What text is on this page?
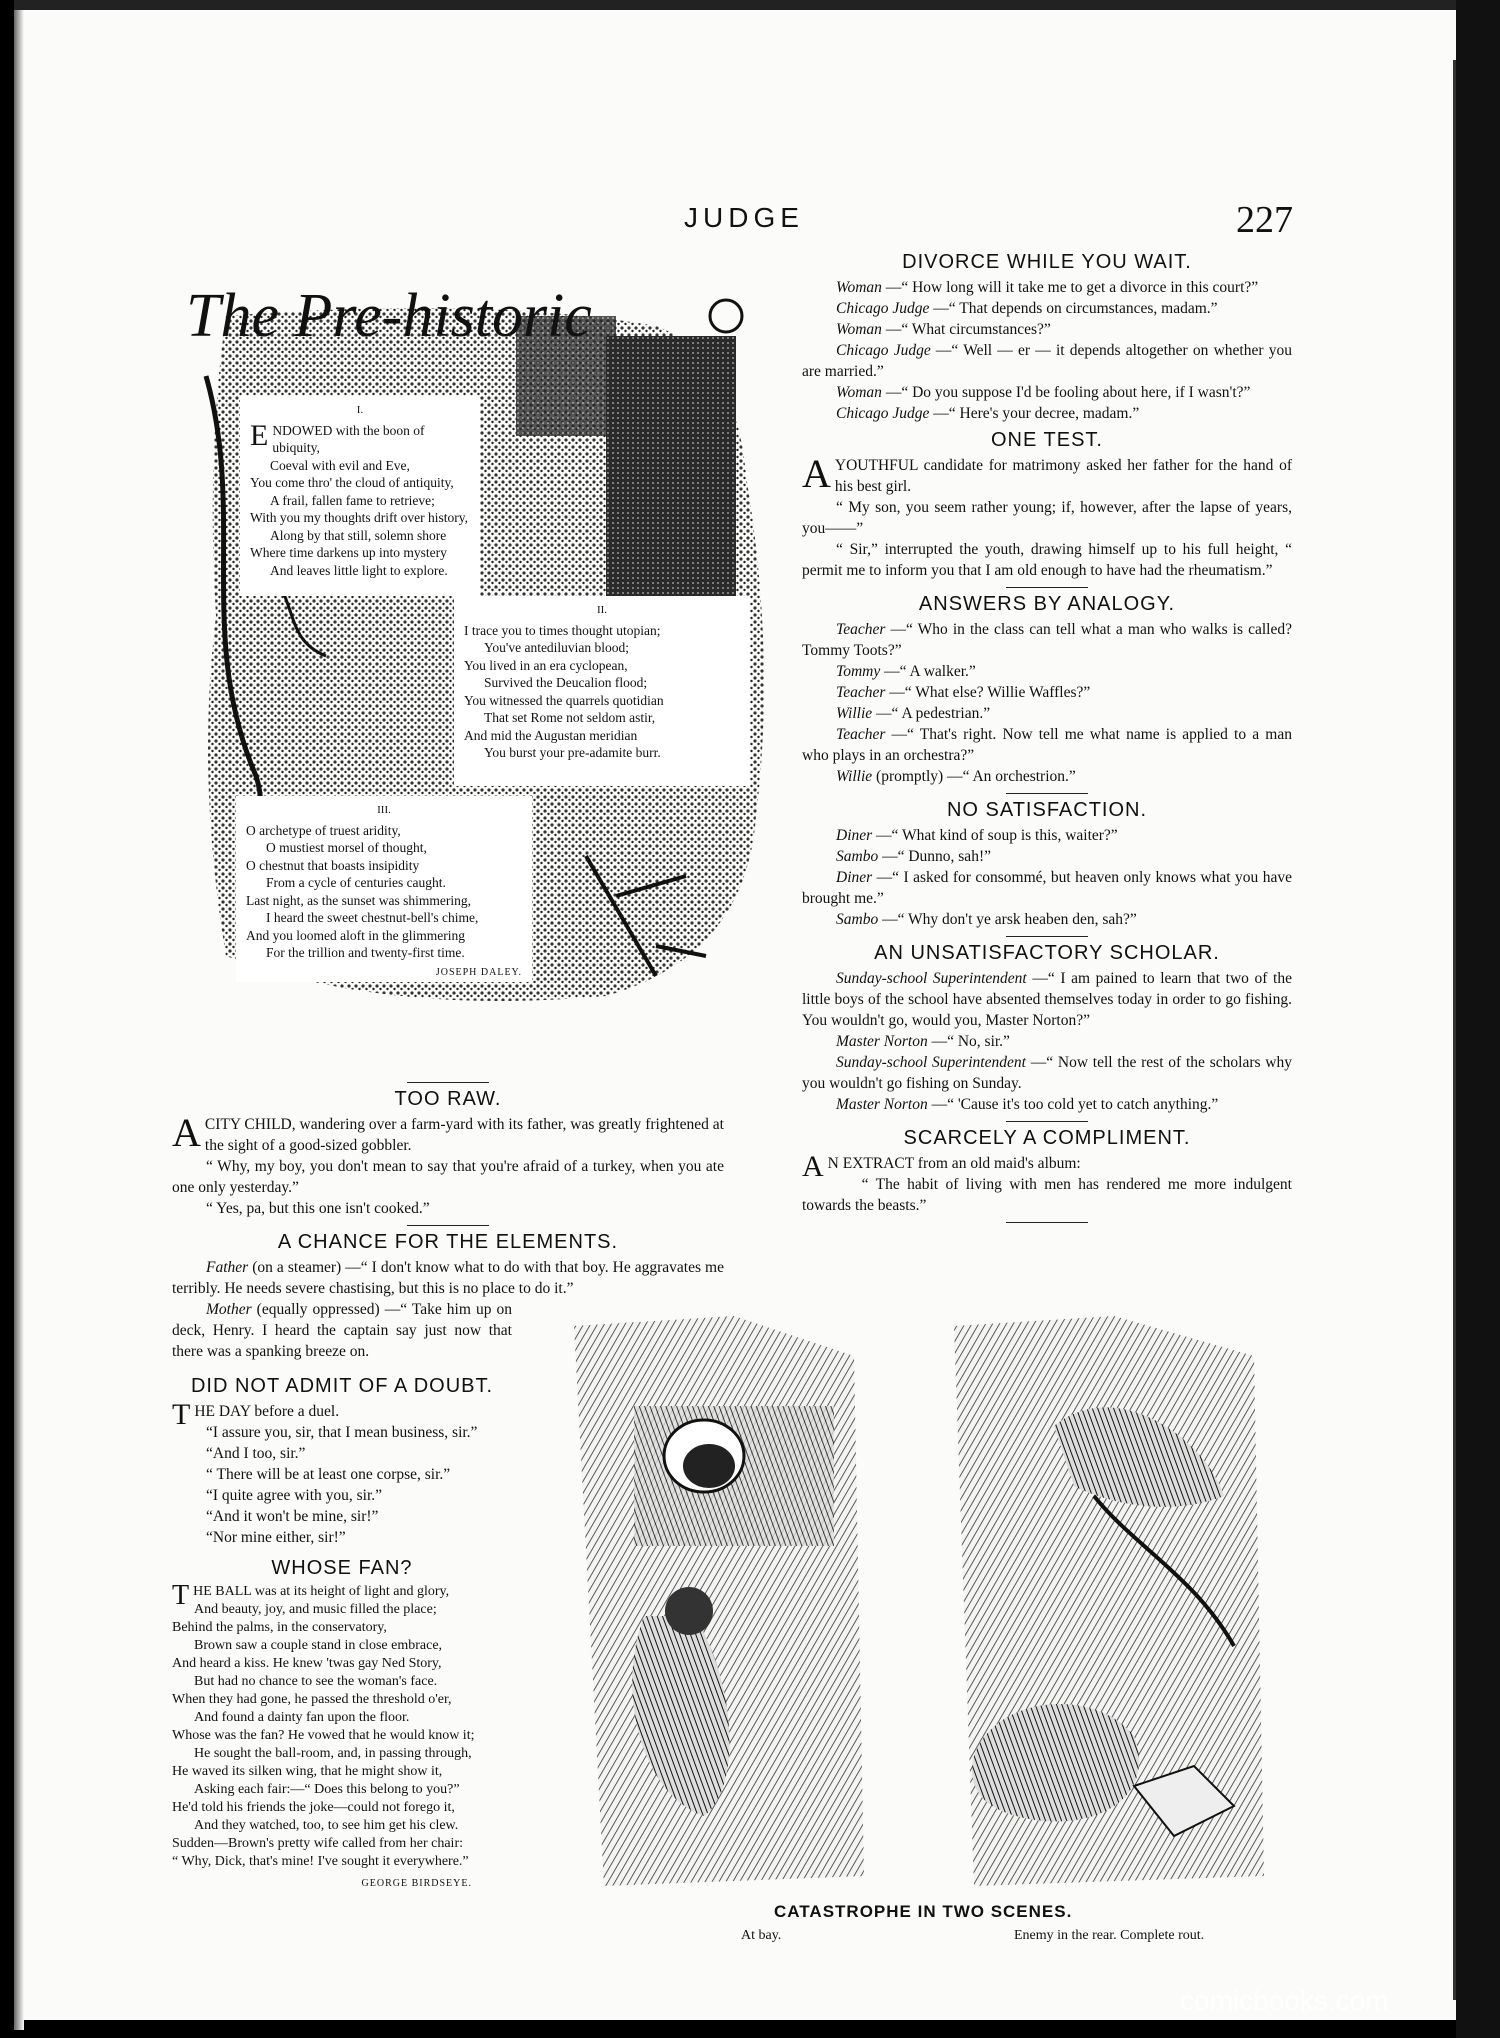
JUDGE	227
The Pre-historic
I.
ENDOWED with the boon of ubiquity,
Coeval with evil and Eve,
You come thro' the cloud of antiquity,
A frail, fallen fame to retrieve;
With you my thoughts drift over history,
Along by that still, solemn shore
Where time darkens up into mystery
And leaves little light to explore.
II.
I trace you to times thought utopian;
You've antediluvian blood;
You lived in an era cyclopean,
Survived the Deucalion flood;
You witnessed the quarrels quotidian
That set Rome not seldom astir,
And mid the Augustan meridian
You burst your pre-adamite burr.
III.
O archetype of truest aridity,
O mustiest morsel of thought,
O chestnut that boasts insipidity
From a cycle of centuries caught.
Last night, as the sunset was shimmering,
I heard the sweet chestnut-bell's chime,
And you loomed aloft in the glimmering
For the trillion and twenty-first time.
JOSEPH DALEY.
TOO RAW.

A CITY CHILD, wandering over a farm-yard with its father, was greatly frightened at the sight of a good-sized gobbler.

“ Why, my boy, you don't mean to say that you're afraid of a turkey, when you ate one only yesterday.”

“ Yes, pa, but this one isn't cooked.”

A CHANCE FOR THE ELEMENTS.

Father (on a steamer) —“ I don't know what to do with that boy. He aggravates me terribly. He needs severe chastising, but this is no place to do it.”

Mother (equally oppressed) —“ Take him up on deck, Henry. I heard the captain say just now that there was a spanking breeze on.

DID NOT ADMIT OF A DOUBT.

THE DAY before a duel.

“I assure you, sir, that I mean business, sir.”
“And I too, sir.”
“ There will be at least one corpse, sir.”
“I quite agree with you, sir.”
“And it won't be mine, sir!”
“Nor mine either, sir!”
WHOSE FAN?
THE BALL was at its height of light and glory,
And beauty, joy, and music filled the place;
Behind the palms, in the conservatory,
Brown saw a couple stand in close embrace,
And heard a kiss. He knew 'twas gay Ned Story,
But had no chance to see the woman's face.
When they had gone, he passed the threshold o'er,
And found a dainty fan upon the floor.
Whose was the fan? He vowed that he would know it;
He sought the ball-room, and, in passing through,
He waved its silken wing, that he might show it,
Asking each fair:—“ Does this belong to you?”
He'd told his friends the joke—could not forego it,
And they watched, too, to see him get his clew.
Sudden—Brown's pretty wife called from her chair:
“ Why, Dick, that's mine! I've sought it everywhere.”
GEORGE BIRDSEYE.
DIVORCE WHILE YOU WAIT.

Woman —“ How long will it take me to get a divorce in this court?”

Chicago Judge —“ That depends on circumstances, madam.”

Woman —“ What circumstances?”

Chicago Judge —“ Well — er — it depends altogether on whether you are married.”

Woman —“ Do you suppose I'd be fooling about here, if I wasn't?”

Chicago Judge —“ Here's your decree, madam.”

ONE TEST.

A YOUTHFUL candidate for matrimony asked her father for the hand of his best girl.

“ My son, you seem rather young; if, however, after the lapse of years, you——”

“ Sir,” interrupted the youth, drawing himself up to his full height, “ permit me to inform you that I am old enough to have had the rheumatism.”

ANSWERS BY ANALOGY.

Teacher —“ Who in the class can tell what a man who walks is called? Tommy Toots?”

Tommy —“ A walker.”

Teacher —“ What else? Willie Waffles?”

Willie —“ A pedestrian.”

Teacher —“ That's right. Now tell me what name is applied to a man who plays in an orchestra?”

Willie (promptly) —“ An orchestrion.”

NO SATISFACTION.

Diner —“ What kind of soup is this, waiter?”

Sambo —“ Dunno, sah!”

Diner —“ I asked for consommé, but heaven only knows what you have brought me.”

Sambo —“ Why don't ye arsk heaben den, sah?”

AN UNSATISFACTORY SCHOLAR.

Sunday-school Superintendent —“ I am pained to learn that two of the little boys of the school have absented themselves today in order to go fishing. You wouldn't go, would you, Master Norton?”

Master Norton —“ No, sir.”

Sunday-school Superintendent —“ Now tell the rest of the scholars why you wouldn't go fishing on Sunday.

Master Norton —“ 'Cause it's too cold yet to catch anything.”

SCARCELY A COMPLIMENT.

A N EXTRACT from an old maid's album:

“ The habit of living with men has rendered me more indulgent towards the beasts.”

CATASTROPHE IN TWO SCENES.
At bay.	Enemy in the rear. Complete rout.
comicbooks.com
